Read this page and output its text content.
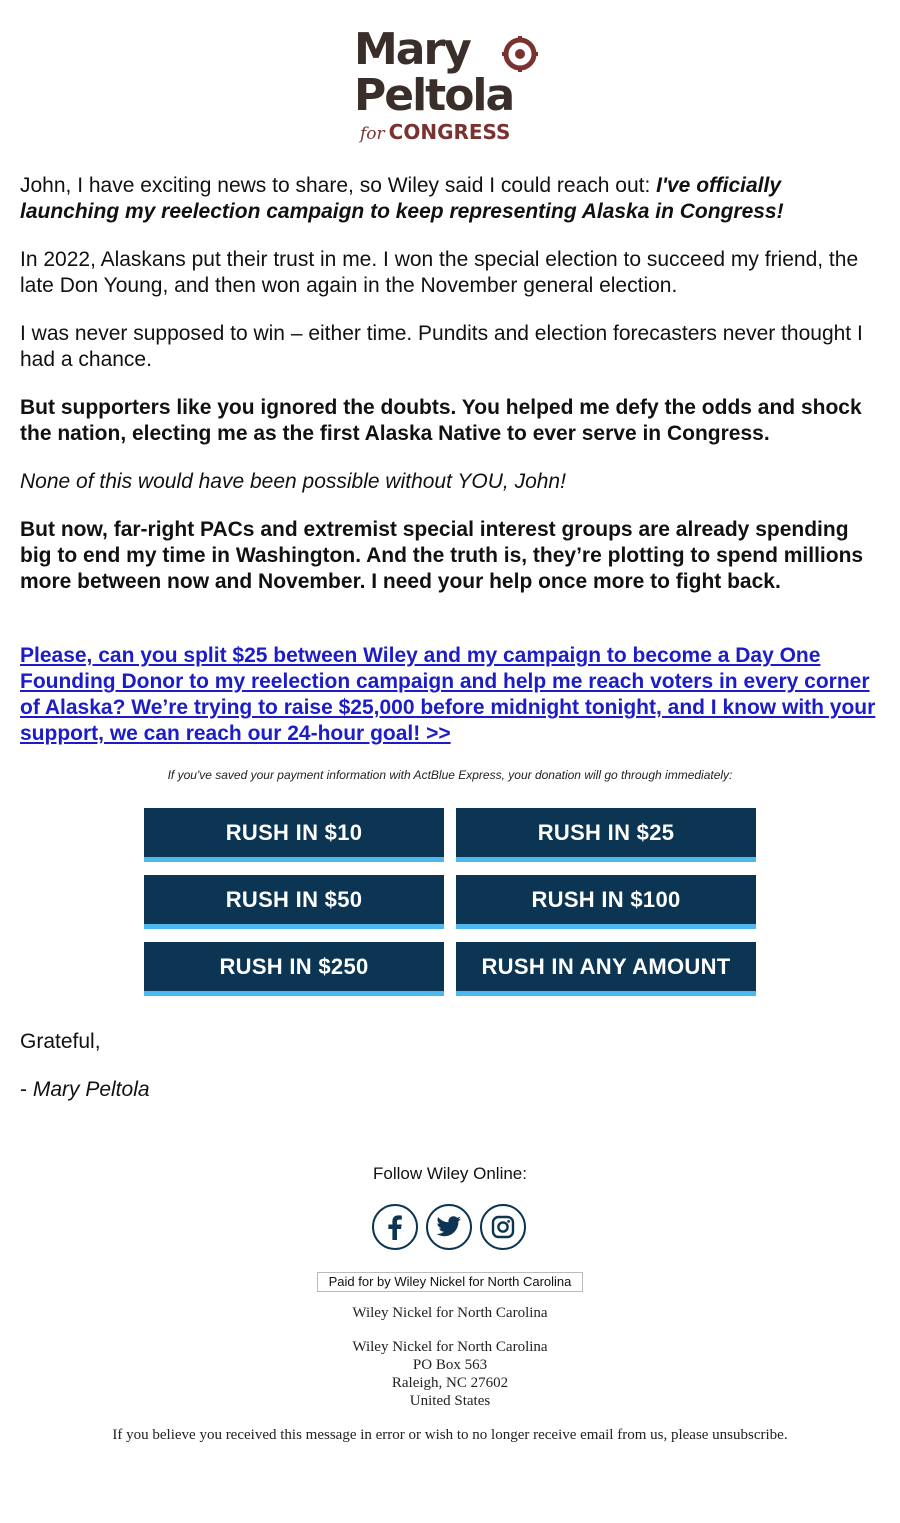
Mary
Peltola
for CONGRESS

John, I have exciting news to share, so Wiley said I could reach out: I've officially launching my reelection campaign to keep representing Alaska in Congress!

In 2022, Alaskans put their trust in me. I won the special election to succeed my friend, the late Don Young, and then won again in the November general election.

I was never supposed to win – either time. Pundits and election forecasters never thought I had a chance.

But supporters like you ignored the doubts. You helped me defy the odds and shock the nation, electing me as the first Alaska Native to ever serve in Congress.

None of this would have been possible without YOU, John!

But now, far-right PACs and extremist special interest groups are already spending big to end my time in Washington. And the truth is, they’re plotting to spend millions more between now and November. I need your help once more to fight back.

Please, can you split $25 between Wiley and my campaign to become a Day One Founding Donor to my reelection campaign and help me reach voters in every corner of Alaska? We’re trying to raise $25,000 before midnight tonight, and I know with your support, we can reach our 24-hour goal! >>
If you've saved your payment information with ActBlue Express, your donation will go through immediately:
RUSH IN $10	RUSH IN $25
RUSH IN $50	RUSH IN $100
RUSH IN $250	RUSH IN ANY AMOUNT
Grateful,
- Mary Peltola
Follow Wiley Online:
Paid for by Wiley Nickel for North Carolina
Wiley Nickel for North Carolina
Wiley Nickel for North Carolina
PO Box 563
Raleigh, NC 27602
United States
If you believe you received this message in error or wish to no longer receive email from us, please unsubscribe.
